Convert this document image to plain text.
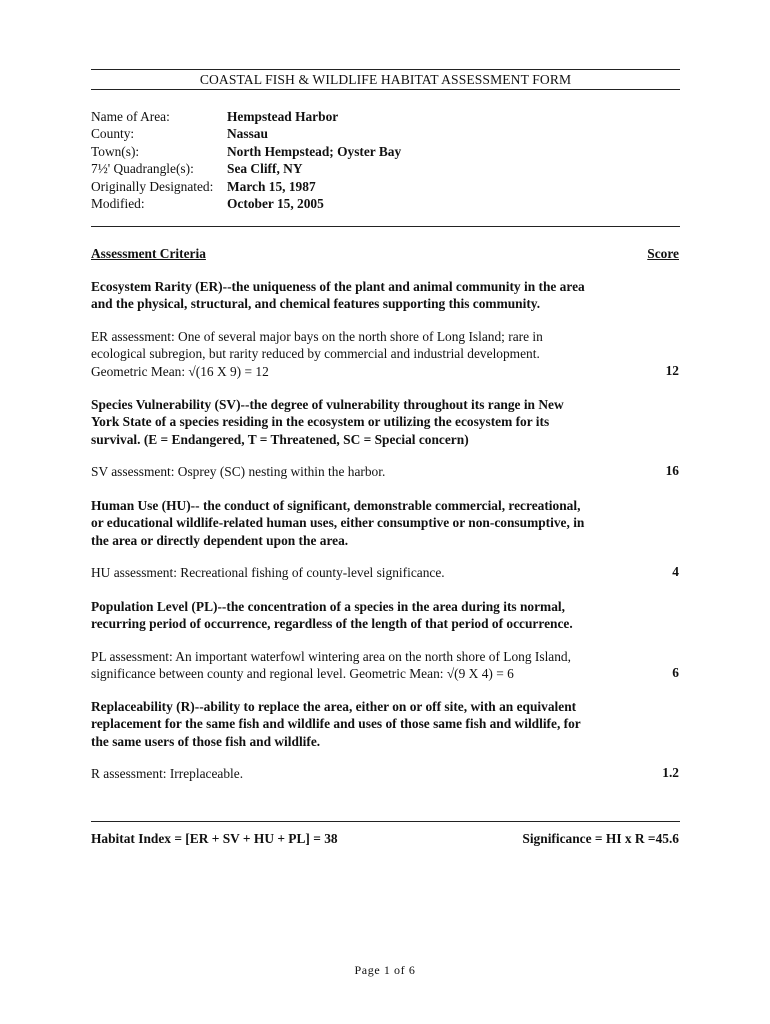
COASTAL FISH & WILDLIFE HABITAT ASSESSMENT FORM
Name of Area:	Hempstead Harbor
County:	Nassau
Town(s):	North Hempstead; Oyster Bay
7½' Quadrangle(s):	Sea Cliff, NY
Originally Designated:	March 15, 1987
Modified:	October 15, 2005
Assessment Criteria	Score
Ecosystem Rarity (ER)--the uniqueness of the plant and animal community in the area
and the physical, structural, and chemical features supporting this community.
ER assessment: One of several major bays on the north shore of Long Island; rare in
ecological subregion, but rarity reduced by commercial and industrial development.
Geometric Mean: √(16 X 9) = 12	12
Species Vulnerability (SV)--the degree of vulnerability throughout its range in New
York State of a species residing in the ecosystem or utilizing the ecosystem for its
survival. (E = Endangered, T = Threatened, SC = Special concern)
SV assessment: Osprey (SC) nesting within the harbor.	16
Human Use (HU)-- the conduct of significant, demonstrable commercial, recreational,
or educational wildlife-related human uses, either consumptive or non-consumptive, in
the area or directly dependent upon the area.
HU assessment: Recreational fishing of county-level significance.	4
Population Level (PL)--the concentration of a species in the area during its normal,
recurring period of occurrence, regardless of the length of that period of occurrence.
PL assessment: An important waterfowl wintering area on the north shore of Long Island,
significance between county and regional level. Geometric Mean: √(9 X 4) = 6	6
Replaceability (R)--ability to replace the area, either on or off site, with an equivalent
replacement for the same fish and wildlife and uses of those same fish and wildlife, for
the same users of those fish and wildlife.
R assessment: Irreplaceable.	1.2
Habitat Index = [ER + SV + HU + PL] = 38	Significance = HI x R =45.6
Page 1 of 6
